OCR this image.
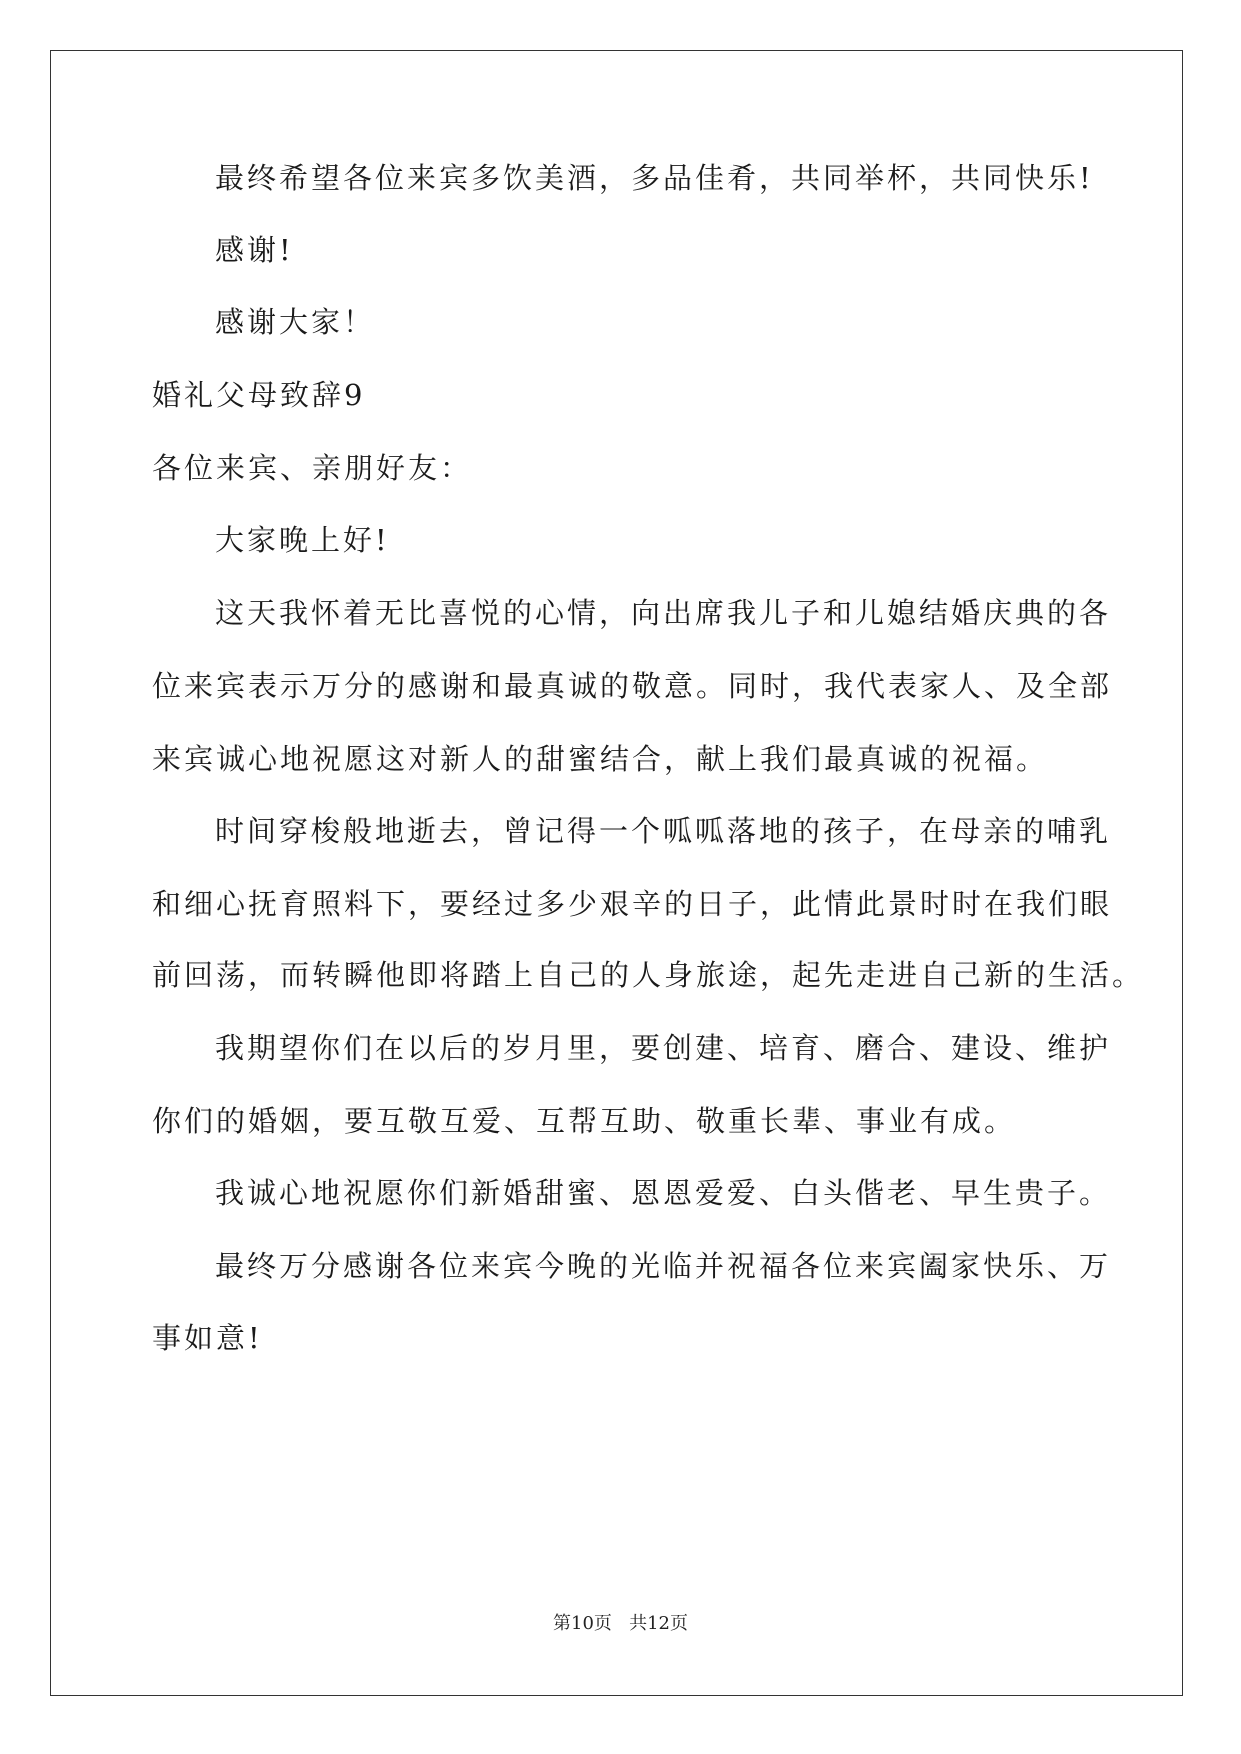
最终希望各位来宾多饮美酒，多品佳肴，共同举杯，共同快乐!
感谢!
感谢大家！
婚礼父母致辞9
各位来宾、亲朋好友：
大家晚上好!
这天我怀着无比喜悦的心情，向出席我儿子和儿媳结婚庆典的各
位来宾表示万分的感谢和最真诚的敬意。同时，我代表家人、及全部
来宾诚心地祝愿这对新人的甜蜜结合，献上我们最真诚的祝福。
时间穿梭般地逝去，曾记得一个呱呱落地的孩子，在母亲的哺乳
和细心抚育照料下，要经过多少艰辛的日子，此情此景时时在我们眼
前回荡，而转瞬他即将踏上自己的人身旅途，起先走进自己新的生活。
我期望你们在以后的岁月里，要创建、培育、磨合、建设、维护
你们的婚姻，要互敬互爱、互帮互助、敬重长辈、事业有成。
我诚心地祝愿你们新婚甜蜜、恩恩爱爱、白头偕老、早生贵子。
最终万分感谢各位来宾今晚的光临并祝福各位来宾阖家快乐、万
事如意!
第10页 共12页
